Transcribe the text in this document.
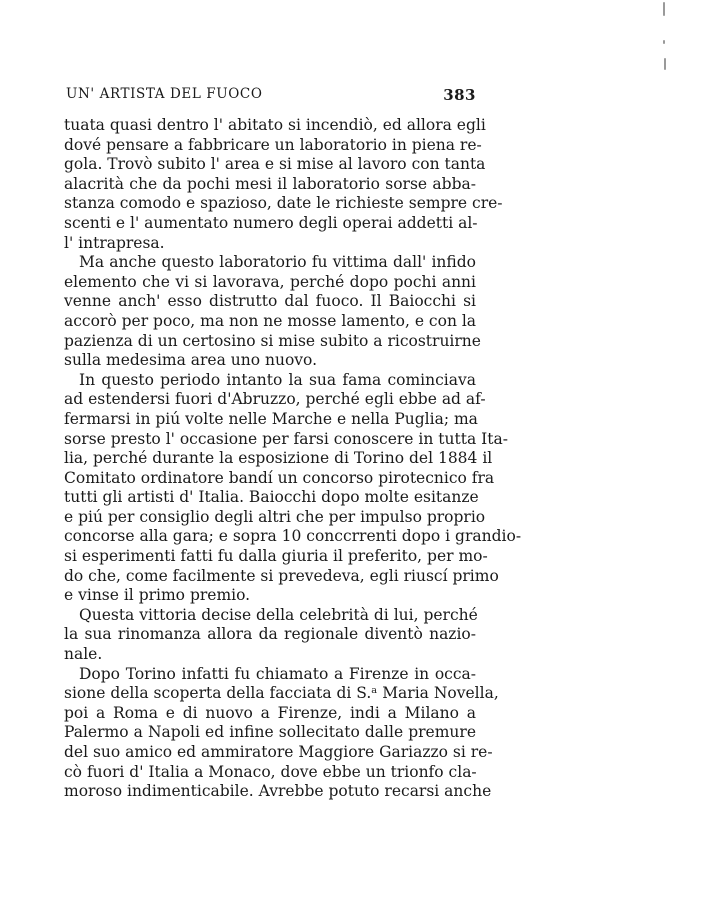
UN' ARTISTA DEL FUOCO	383
tuata quasi dentro l' abitato si incendiò, ed allora egli
dové pensare a fabbricare un laboratorio in piena re-
gola. Trovò subito l' area e si mise al lavoro con tanta
alacrità che da pochi mesi il laboratorio sorse abba-
stanza comodo e spazioso, date le richieste sempre cre-
scenti e l' aumentato numero degli operai addetti al-
l' intrapresa.
Ma anche questo laboratorio fu vittima dall' infido
elemento che vi si lavorava, perché dopo pochi anni
venne anch' esso distrutto dal fuoco. Il Baiocchi si
accorò per poco, ma non ne mosse lamento, e con la
pazienza di un certosino si mise subito a ricostruirne
sulla medesima area uno nuovo.
In questo periodo intanto la sua fama cominciava
ad estendersi fuori d'Abruzzo, perché egli ebbe ad af-
fermarsi in piú volte nelle Marche e nella Puglia; ma
sorse presto l' occasione per farsi conoscere in tutta Ita-
lia, perché durante la esposizione di Torino del 1884 il
Comitato ordinatore bandí un concorso pirotecnico fra
tutti gli artisti d' Italia. Baiocchi dopo molte esitanze
e piú per consiglio degli altri che per impulso proprio
concorse alla gara; e sopra 10 conccrrenti dopo i grandio-
si esperimenti fatti fu dalla giuria il preferito, per mo-
do che, come facilmente si prevedeva, egli riuscí primo
e vinse il primo premio.
Questa vittoria decise della celebrità di lui, perché
la sua rinomanza allora da regionale diventò nazio-
nale.
Dopo Torino infatti fu chiamato a Firenze in occa-
sione della scoperta della facciata di S.ᵃ Maria Novella,
poi a Roma e di nuovo a Firenze, indi a Milano a
Palermo a Napoli ed infine sollecitato dalle premure
del suo amico ed ammiratore Maggiore Gariazzo si re-
cò fuori d' Italia a Monaco, dove ebbe un trionfo cla-
moroso indimenticabile. Avrebbe potuto recarsi anche
